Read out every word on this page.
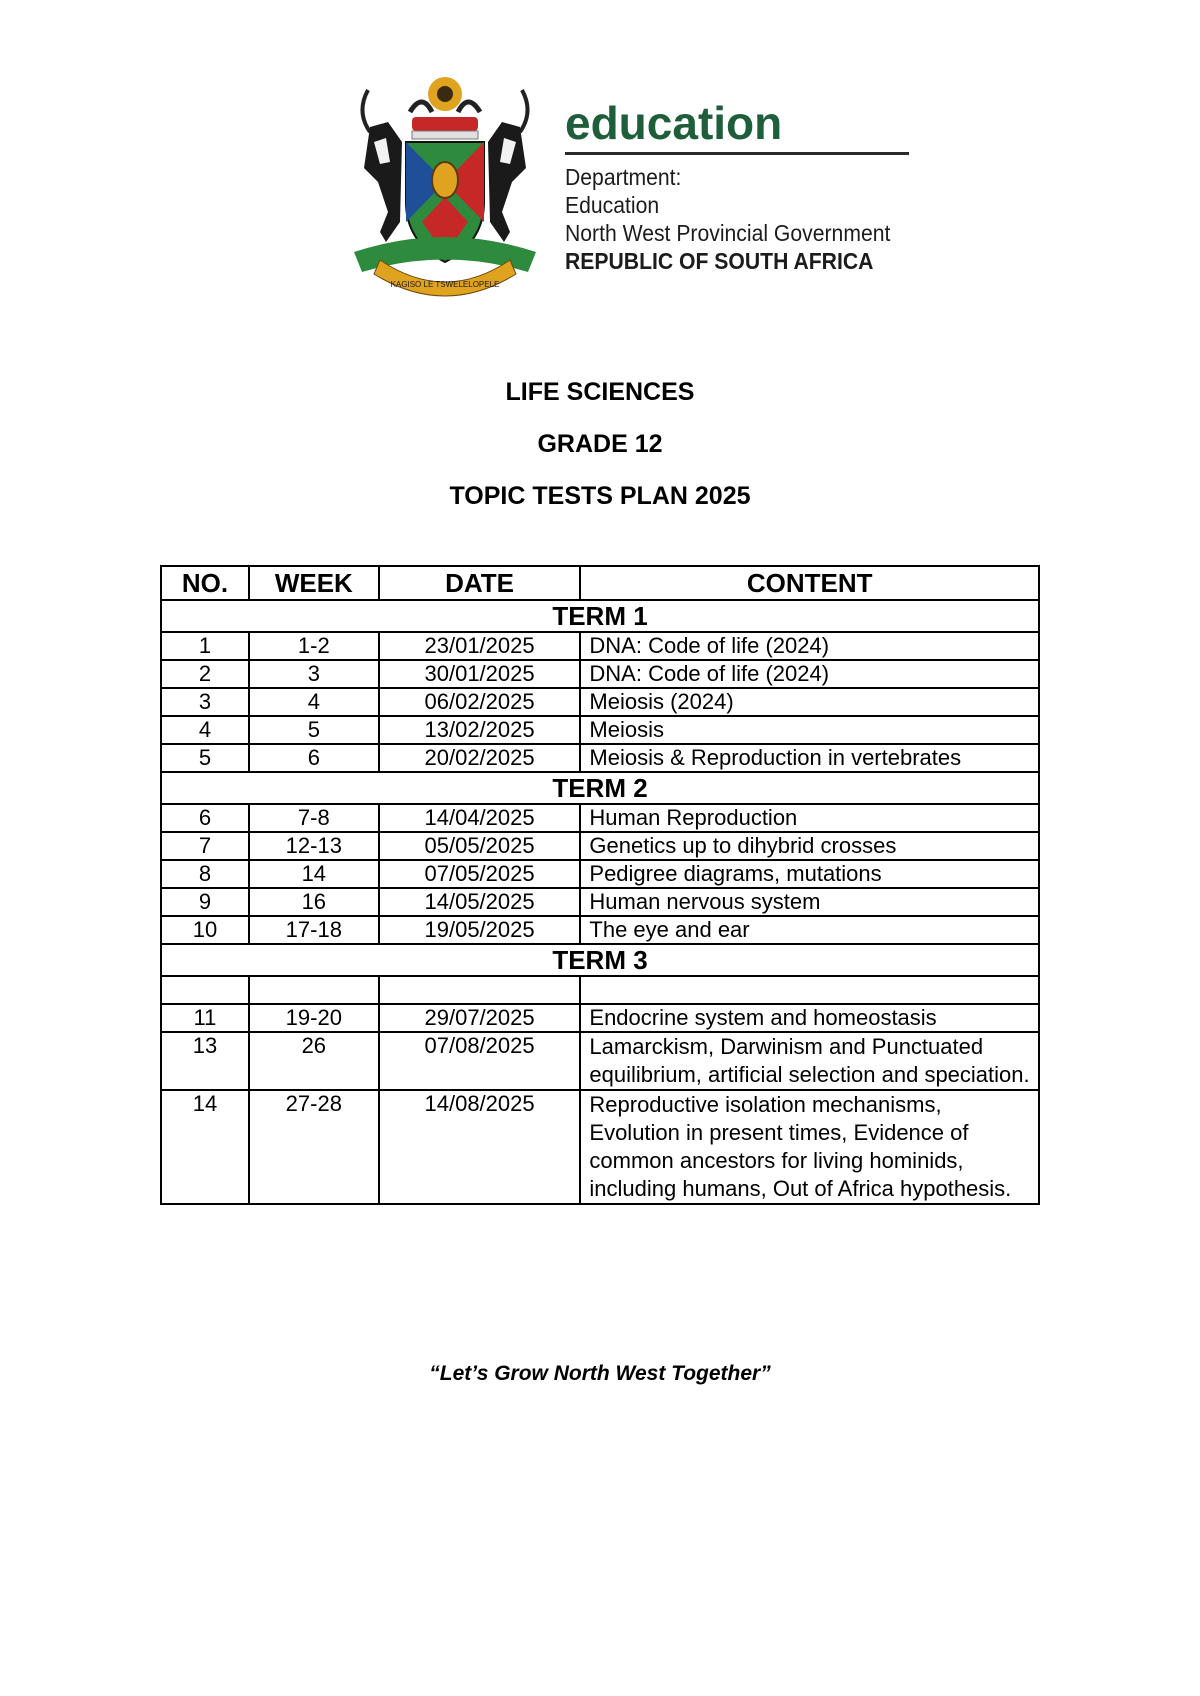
KAGISO LE TSWELELOPELE
education
Department:
Education
North West Provincial Government
REPUBLIC OF SOUTH AFRICA
LIFE SCIENCES
GRADE 12
TOPIC TESTS PLAN 2025
NO.	WEEK	DATE	CONTENT
TERM 1			
1	1-2	23/01/2025	DNA: Code of life (2024)
2	3	30/01/2025	DNA: Code of life (2024)
3	4	06/02/2025	Meiosis (2024)
4	5	13/02/2025	Meiosis
5	6	20/02/2025	Meiosis & Reproduction in vertebrates
TERM 2			
6	7-8	14/04/2025	Human Reproduction
7	12-13	05/05/2025	Genetics up to dihybrid crosses
8	14	07/05/2025	Pedigree diagrams, mutations
9	16	14/05/2025	Human nervous system
10	17-18	19/05/2025	The eye and ear
TERM 3			

11	19-20	29/07/2025	Endocrine system and homeostasis
13	26	07/08/2025	Lamarckism, Darwinism and Punctuated equilibrium, artificial selection and speciation.
14	27-28	14/08/2025	Reproductive isolation mechanisms, Evolution in present times, Evidence of common ancestors for living hominids, including humans, Out of Africa hypothesis.
“Let’s Grow North West Together”
